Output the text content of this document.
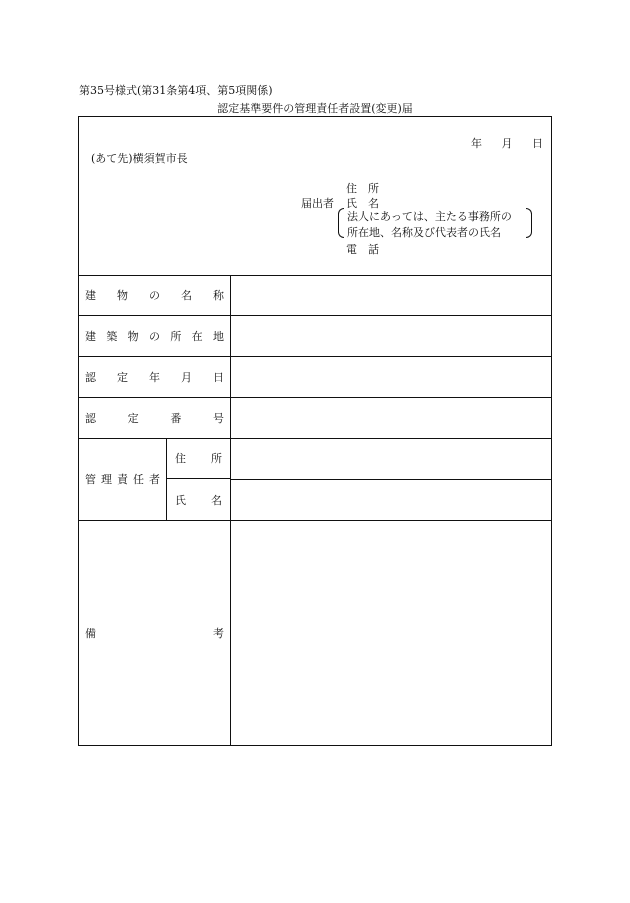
第35号様式(第31条第4項、第5項関係)
認定基準要件の管理責任者設置(変更)届
年 月 日
(あて先)横須賀市長
住　所
届出者 氏　名
法人にあっては、主たる事務所の
所在地、名称及び代表者の氏名
電　話
建 物 の 名 称
建 築 物 の 所 在 地
認 定 年 月 日
認	定	番	号
管 理 責 任 者
住 所
氏 名
備	考
